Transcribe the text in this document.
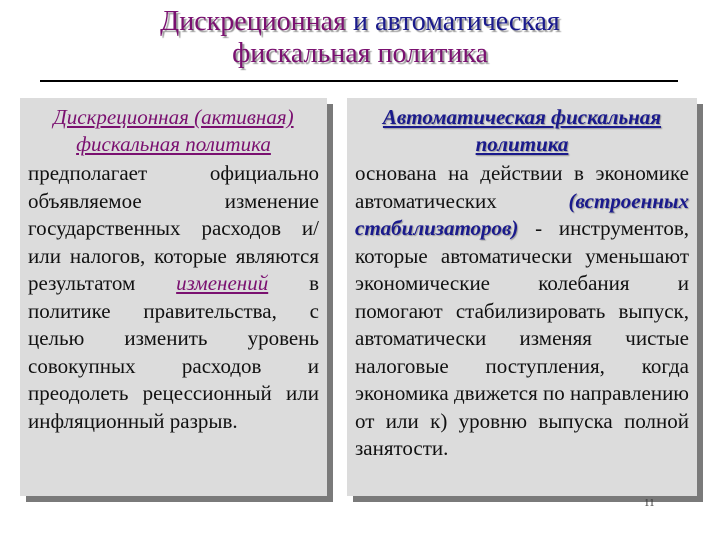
Дискреционная и автоматическая
фискальная политика
Дискреционная (активная) фискальная политика
предполагает официально объявляемое изменение государственных расходов и/или налогов, которые являются результатом изменений в политике правительства, с целью изменить уровень совокупных расходов и преодолеть рецессионный или инфляционный разрыв.
Автоматическая фискальная политика
основана на действии в экономике автоматических (встроенных стабилизаторов) - инструментов, которые автоматически уменьшают экономические колебания и помогают стабилизировать выпуск, автоматически изменяя чистые налоговые поступления, когда экономика движется по направлению от или к) уровню выпуска полной занятости.
11
